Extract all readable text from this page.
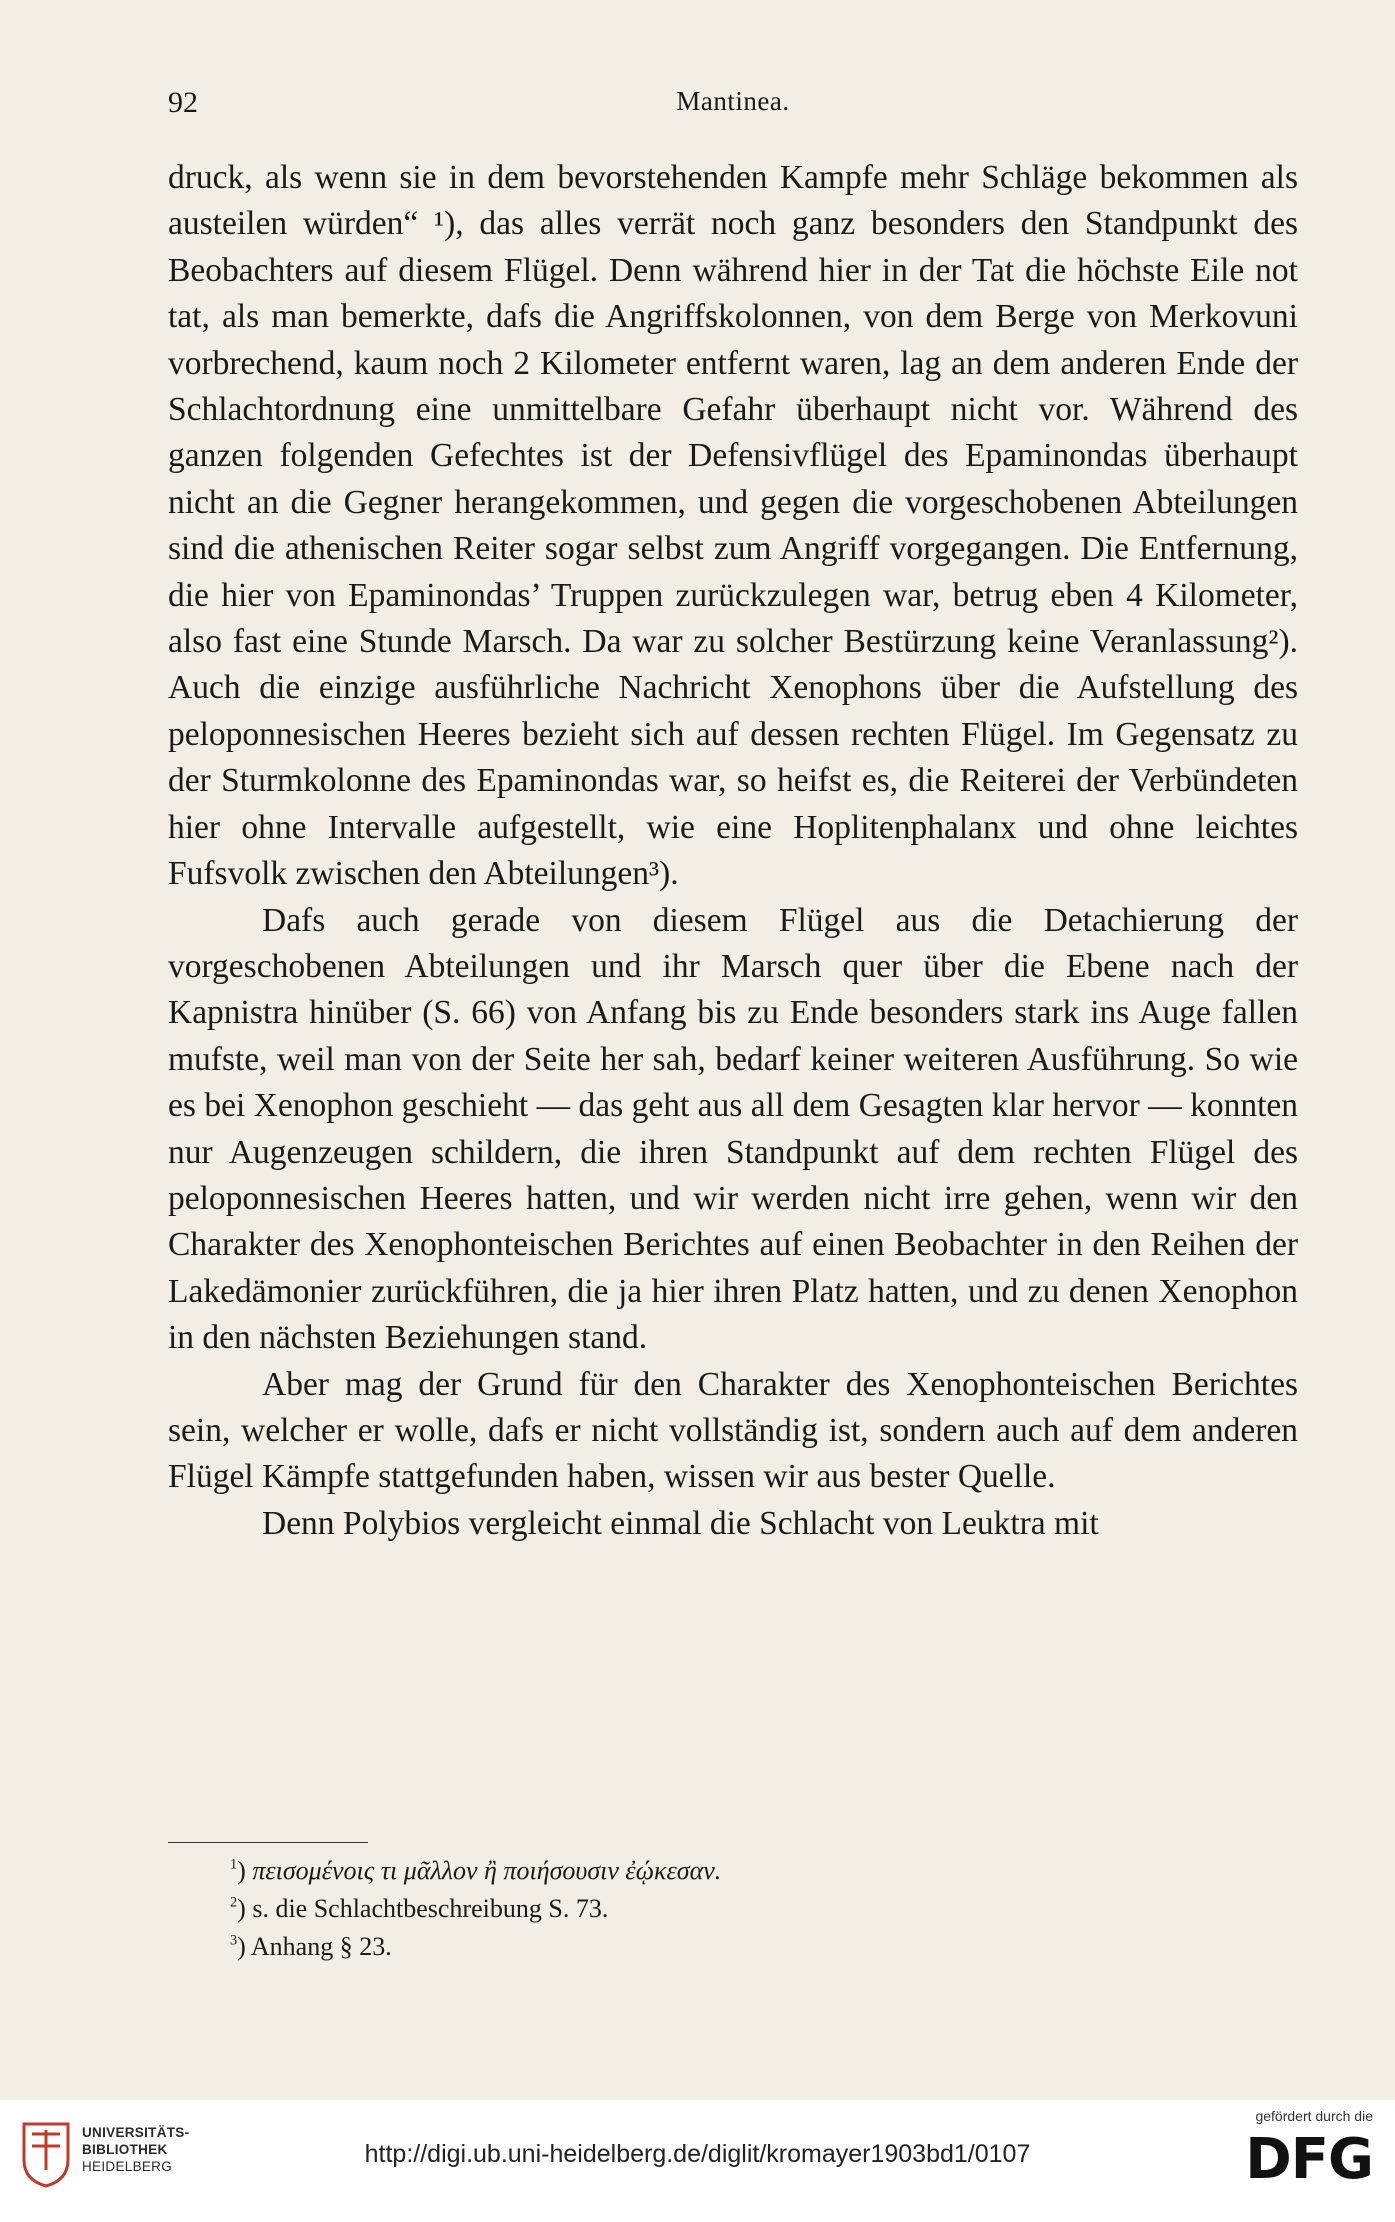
92	Mantinea.

druck, als wenn sie in dem bevorstehenden Kampfe mehr Schläge bekommen als austeilen würden“ ¹), das alles verrät noch ganz besonders den Standpunkt des Beobachters auf diesem Flügel. Denn während hier in der Tat die höchste Eile not tat, als man bemerkte, dafs die Angriffskolonnen, von dem Berge von Merkovuni vorbrechend, kaum noch 2 Kilometer entfernt waren, lag an dem anderen Ende der Schlachtordnung eine unmittelbare Gefahr überhaupt nicht vor. Während des ganzen folgenden Gefechtes ist der Defensivflügel des Epaminondas überhaupt nicht an die Gegner herangekommen, und gegen die vorgeschobenen Abteilungen sind die athenischen Reiter sogar selbst zum Angriff vorgegangen. Die Entfernung, die hier von Epaminondas’ Truppen zurückzulegen war, betrug eben 4 Kilometer, also fast eine Stunde Marsch. Da war zu solcher Bestürzung keine Veranlassung²). Auch die einzige ausführliche Nachricht Xenophons über die Aufstellung des peloponnesischen Heeres bezieht sich auf dessen rechten Flügel. Im Gegensatz zu der Sturmkolonne des Epaminondas war, so heifst es, die Reiterei der Verbündeten hier ohne Intervalle aufgestellt, wie eine Hoplitenphalanx und ohne leichtes Fufsvolk zwischen den Abteilungen³).

Dafs auch gerade von diesem Flügel aus die Detachierung der vorgeschobenen Abteilungen und ihr Marsch quer über die Ebene nach der Kapnistra hinüber (S. 66) von Anfang bis zu Ende besonders stark ins Auge fallen mufste, weil man von der Seite her sah, bedarf keiner weiteren Ausführung. So wie es bei Xenophon geschieht — das geht aus all dem Gesagten klar hervor — konnten nur Augenzeugen schildern, die ihren Standpunkt auf dem rechten Flügel des peloponnesischen Heeres hatten, und wir werden nicht irre gehen, wenn wir den Charakter des Xenophonteischen Berichtes auf einen Beobachter in den Reihen der Lakedämonier zurückführen, die ja hier ihren Platz hatten, und zu denen Xenophon in den nächsten Beziehungen stand.

Aber mag der Grund für den Charakter des Xenophonteischen Berichtes sein, welcher er wolle, dafs er nicht vollständig ist, sondern auch auf dem anderen Flügel Kämpfe stattgefunden haben, wissen wir aus bester Quelle.

Denn Polybios vergleicht einmal die Schlacht von Leuktra mit

$^1$) πεισομένοις τι μᾶλλον ἢ ποιήσουσιν ἐῴκεσαν.

$^2$) s. die Schlachtbeschreibung S. 73.

$^3$) Anhang § 23.

UNIVERSITÄTS-
BIBLIOTHEK
HEIDELBERG	http://digi.ub.uni-heidelberg.de/diglit/kromayer1903bd1/0107
gefördert durch die
DFG
